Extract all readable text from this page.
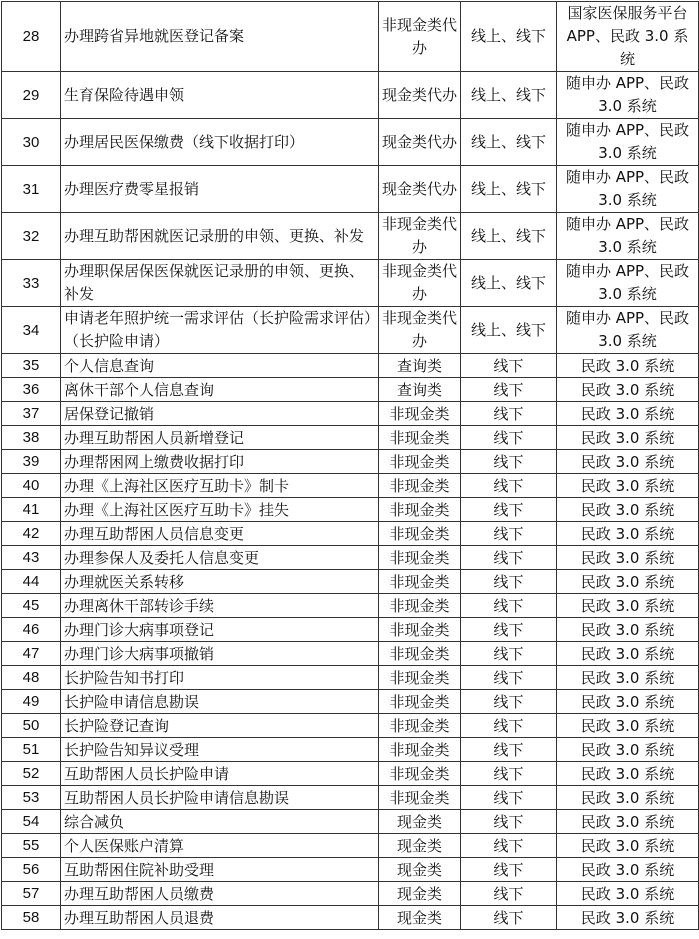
28	办理跨省异地就医登记备案	非现金类代办	线上、线下	国家医保服务平台 APP、民政 3.0 系统

29	生育保险待遇申领	现金类代办	线上、线下	随申办 APP、民政 3.0 系统

30	办理居民医保缴费（线下收据打印）	现金类代办	线上、线下	随申办 APP、民政 3.0 系统

31	办理医疗费零星报销	现金类代办	线上、线下	随申办 APP、民政 3.0 系统

32	办理互助帮困就医记录册的申领、更换、补发	非现金类代办	线上、线下	随申办 APP、民政 3.0 系统

33	办理职保居保医保就医记录册的申领、更换、补发	非现金类代办	线上、线下	随申办 APP、民政 3.0 系统

34	申请老年照护统一需求评估（长护险需求评估）（长护险申请）	非现金类代办	线上、线下	随申办 APP、民政 3.0 系统

35	个人信息查询	查询类	线下	民政 3.0 系统

36	离休干部个人信息查询	查询类	线下	民政 3.0 系统

37	居保登记撤销	非现金类	线下	民政 3.0 系统

38	办理互助帮困人员新增登记	非现金类	线下	民政 3.0 系统

39	办理帮困网上缴费收据打印	非现金类	线下	民政 3.0 系统

40	办理《上海社区医疗互助卡》制卡	非现金类	线下	民政 3.0 系统

41	办理《上海社区医疗互助卡》挂失	非现金类	线下	民政 3.0 系统

42	办理互助帮困人员信息变更	非现金类	线下	民政 3.0 系统

43	办理参保人及委托人信息变更	非现金类	线下	民政 3.0 系统

44	办理就医关系转移	非现金类	线下	民政 3.0 系统

45	办理离休干部转诊手续	非现金类	线下	民政 3.0 系统

46	办理门诊大病事项登记	非现金类	线下	民政 3.0 系统

47	办理门诊大病事项撤销	非现金类	线下	民政 3.0 系统

48	长护险告知书打印	非现金类	线下	民政 3.0 系统

49	长护险申请信息勘误	非现金类	线下	民政 3.0 系统

50	长护险登记查询	非现金类	线下	民政 3.0 系统

51	长护险告知异议受理	非现金类	线下	民政 3.0 系统

52	互助帮困人员长护险申请	非现金类	线下	民政 3.0 系统

53	互助帮困人员长护险申请信息勘误	非现金类	线下	民政 3.0 系统

54	综合减负	现金类	线下	民政 3.0 系统

55	个人医保账户清算	现金类	线下	民政 3.0 系统

56	互助帮困住院补助受理	现金类	线下	民政 3.0 系统

57	办理互助帮困人员缴费	现金类	线下	民政 3.0 系统

58	办理互助帮困人员退费	现金类	线下	民政 3.0 系统
